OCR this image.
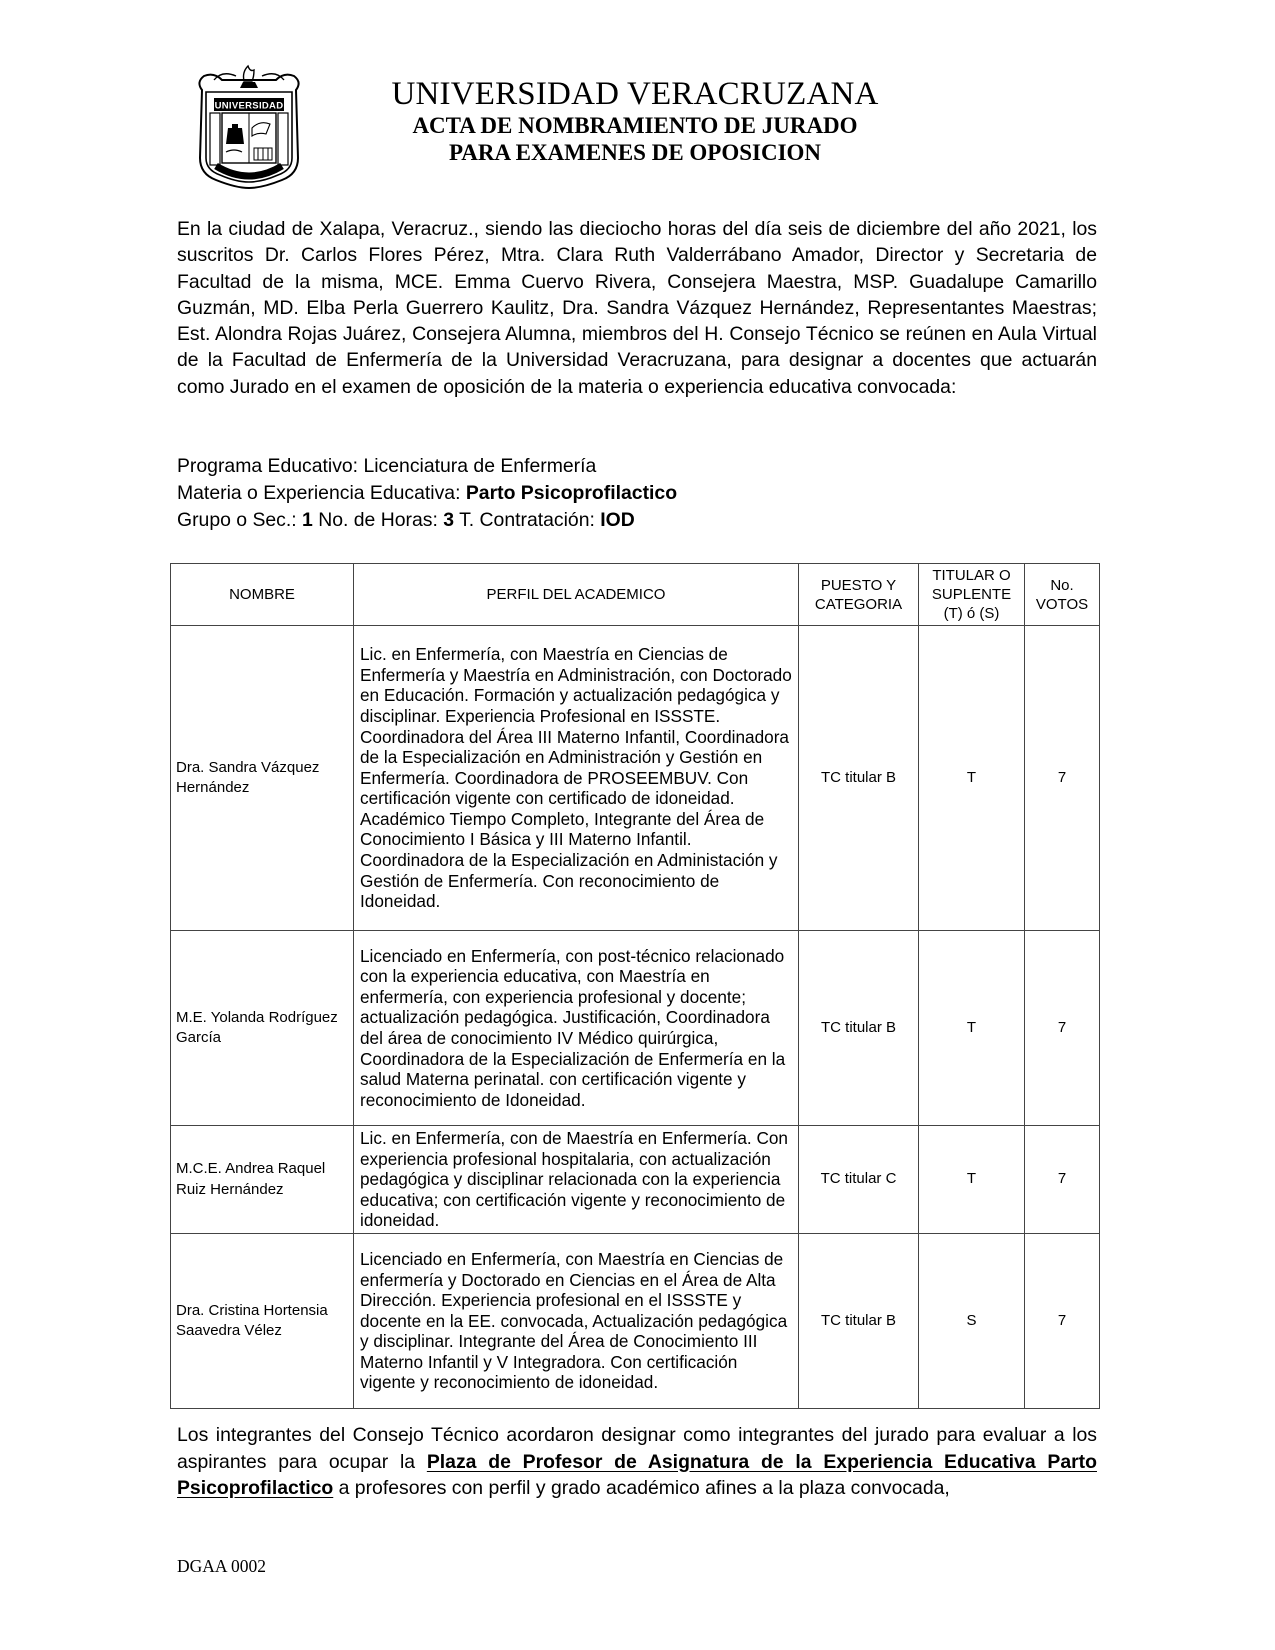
UNIVERSIDAD	UNIVERSIDAD VERACRUZANA
ACTA DE NOMBRAMIENTO DE JURADO
PARA EXAMENES DE OPOSICION

En la ciudad de Xalapa, Veracruz., siendo las dieciocho horas del día seis de diciembre del año 2021, los suscritos Dr. Carlos Flores Pérez, Mtra. Clara Ruth Valderrábano Amador, Director y Secretaria de Facultad de la misma, MCE. Emma Cuervo Rivera, Consejera Maestra, MSP. Guadalupe Camarillo Guzmán, MD. Elba Perla Guerrero Kaulitz, Dra. Sandra Vázquez Hernández, Representantes Maestras; Est. Alondra Rojas Juárez, Consejera Alumna, miembros del H. Consejo Técnico se reúnen en Aula Virtual de la Facultad de Enfermería de la Universidad Veracruzana, para designar a docentes que actuarán como Jurado en el examen de oposición de la materia o experiencia educativa convocada:

Programa Educativo: Licenciatura de Enfermería
Materia o Experiencia Educativa: Parto Psicoprofilactico
Grupo o Sec.: 1 No. de Horas: 3 T. Contratación: IOD
NOMBRE	PERFIL DEL ACADEMICO	PUESTO Y CATEGORIA	TITULAR O SUPLENTE (T) ó (S)	No. VOTOS
Dra. Sandra Vázquez Hernández	Lic. en Enfermería, con Maestría en Ciencias de Enfermería y Maestría en Administración, con Doctorado en Educación. Formación y actualización pedagógica y disciplinar. Experiencia Profesional en ISSSTE. Coordinadora del Área III Materno Infantil, Coordinadora de la Especialización en Administración y Gestión en Enfermería. Coordinadora de PROSEEMBUV. Con certificación vigente con certificado de idoneidad. Académico Tiempo Completo, Integrante del Área de Conocimiento I Básica y III Materno Infantil. Coordinadora de la Especialización en Administación y Gestión de Enfermería. Con reconocimiento de Idoneidad.	TC titular B	T	7
M.E. Yolanda Rodríguez García	Licenciado en Enfermería, con post-técnico relacionado con la experiencia educativa, con Maestría en enfermería, con experiencia profesional y docente; actualización pedagógica. Justificación, Coordinadora del área de conocimiento IV Médico quirúrgica, Coordinadora de la Especialización de Enfermería en la salud Materna perinatal. con certificación vigente y reconocimiento de Idoneidad.	TC titular B	T	7
M.C.E. Andrea Raquel Ruiz Hernández	Lic. en Enfermería, con de Maestría en Enfermería. Con experiencia profesional hospitalaria, con actualización pedagógica y disciplinar relacionada con la experiencia educativa; con certificación vigente y reconocimiento de idoneidad.	TC titular C	T	7
Dra. Cristina Hortensia Saavedra Vélez	Licenciado en Enfermería, con Maestría en Ciencias de enfermería y Doctorado en Ciencias en el Área de Alta Dirección. Experiencia profesional en el ISSSTE y docente en la EE. convocada, Actualización pedagógica y disciplinar. Integrante del Área de Conocimiento III Materno Infantil y V Integradora. Con certificación vigente y reconocimiento de idoneidad.	TC titular B	S	7

Los integrantes del Consejo Técnico acordaron designar como integrantes del jurado para evaluar a los aspirantes para ocupar la Plaza de Profesor de Asignatura de la Experiencia Educativa Parto Psicoprofilactico a profesores con perfil y grado académico afines a la plaza convocada,

DGAA 0002
